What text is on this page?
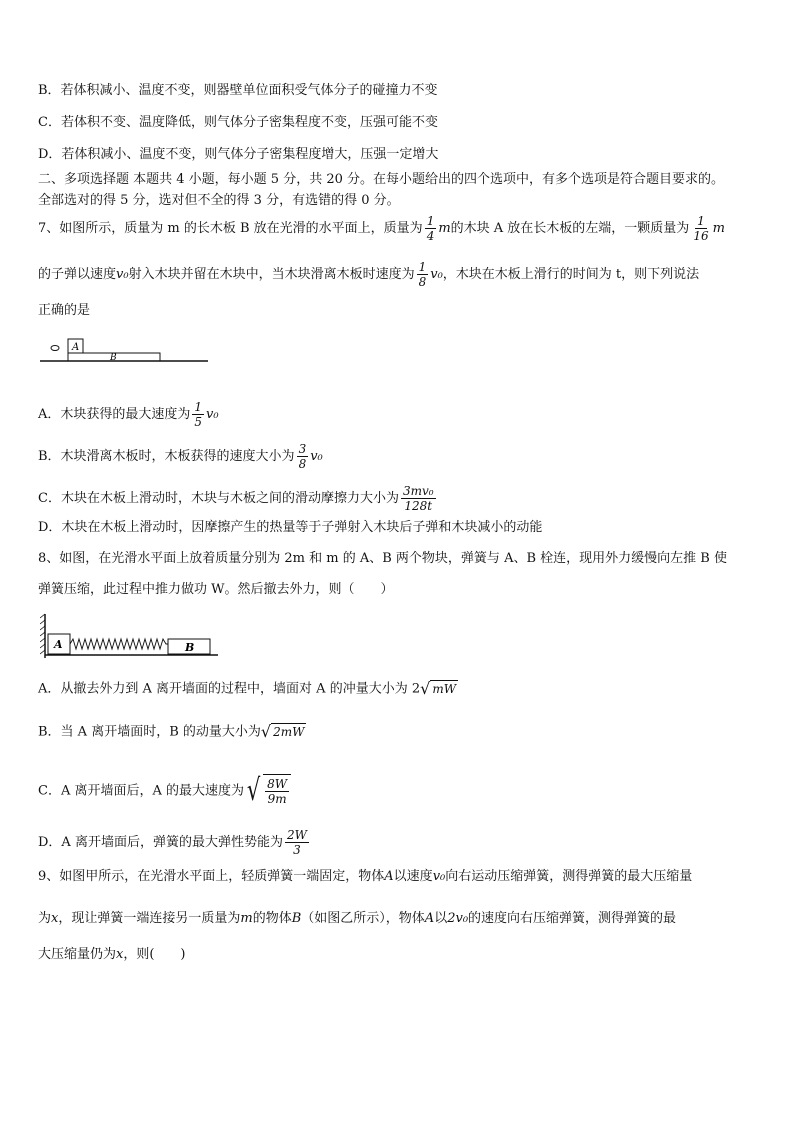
B．若体积减小、温度不变，则器壁单位面积受气体分子的碰撞力不变
C．若体积不变、温度降低，则气体分子密集程度不变，压强可能不变
D．若体积减小、温度不变，则气体分子密集程度增大，压强一定增大
二、多项选择题 本题共 4 小题，每小题 5 分，共 20 分。在每小题给出的四个选项中，有多个选项是符合题目要求的。
全部选对的得 5 分，选对但不全的得 3 分，有选错的得 0 分。
7、如图所示，质量为 m 的长木板 B 放在光滑的水平面上，质量为 $\frac{1}{4}$ m的木块 A 放在长木板的左端，一颗质量为 $\frac{1}{16}$ m
的子弹以速度v₀射入木块并留在木块中，当木块滑离木板时速度为 $\frac{1}{8} v_0$，木块在木板上滑行的时间为 t，则下列说法
正确的是
A
B
A．木块获得的最大速度为 $\frac{1}{5} v_0$
B．木块滑离木板时，木板获得的速度大小为 $\frac{3}{8} v_0$
C．木块在木板上滑动时，木块与木板之间的滑动摩擦力大小为 $\frac{\text{3mv₀}}{128t}$
D．木块在木板上滑动时，因摩擦产生的热量等于子弹射入木块后子弹和木块减小的动能
8、如图，在光滑水平面上放着质量分别为 2m 和 m 的 A、B 两个物块，弹簧与 A、B 栓连，现用外力缓慢向左推 B 使
弹簧压缩，此过程中推力做功 W。然后撤去外力，则（　　）
A	B
A．从撤去外力到 A 离开墙面的过程中，墙面对 A 的冲量大小为 2 √ mW
B．当 A 离开墙面时，B 的动量大小为 √ 2mW
C．A 离开墙面后，A 的最大速度为 √ $\frac{8W}{9m}$
D．A 离开墙面后，弹簧的最大弹性势能为 $\frac{2W}{3}$
9、如图甲所示，在光滑水平面上，轻质弹簧一端固定，物体A以速度v₀向右运动压缩弹簧，测得弹簧的最大压缩量
为x，现让弹簧一端连接另一质量为m的物体B（如图乙所示），物体A以2v₀的速度向右压缩弹簧，测得弹簧的最
大压缩量仍为x，则(　　)
